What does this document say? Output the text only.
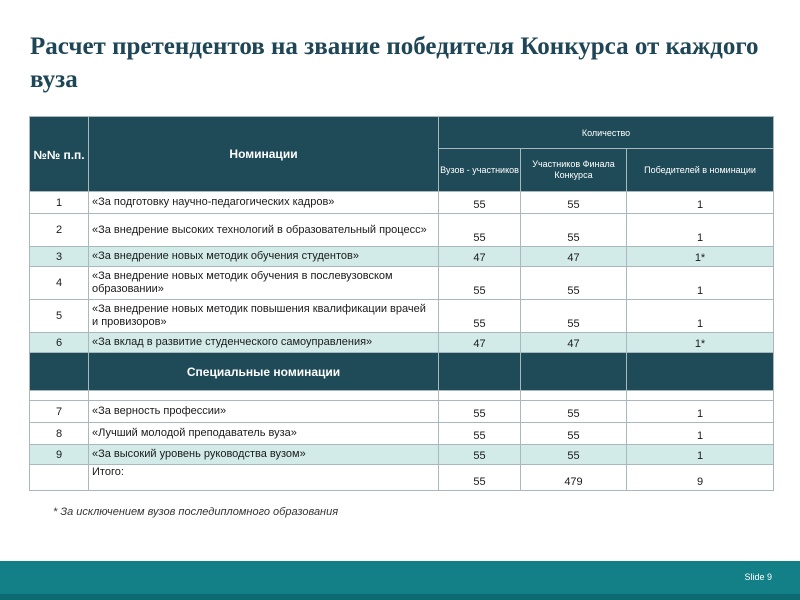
Расчет претендентов на звание победителя Конкурса от каждого вуза
№№ п.п.	Номинации	Количество		
		Вузов - участников	Участников Финала Конкурса	Победителей в номинации
1	«За подготовку научно-педагогических кадров»	55	55	1
2	«За внедрение высоких технологий в образовательный процесс»	55	55	1
3	«За внедрение новых методик обучения студентов»	47	47	1*
4	«За внедрение новых методик обучения в послевузовском образовании»	55	55	1
5	«За внедрение новых методик повышения квалификации врачей и провизоров»	55	55	1
6	«За вклад в развитие студенческого самоуправления»	47	47	1*
	Специальные номинации			

7	«За верность профессии»	55	55	1
8	«Лучший молодой преподаватель вуза»	55	55	1
9	«За высокий уровень руководства вузом»	55	55	1
	Итого:	55	479	9
* За исключением вузов последипломного образования
Slide 9
